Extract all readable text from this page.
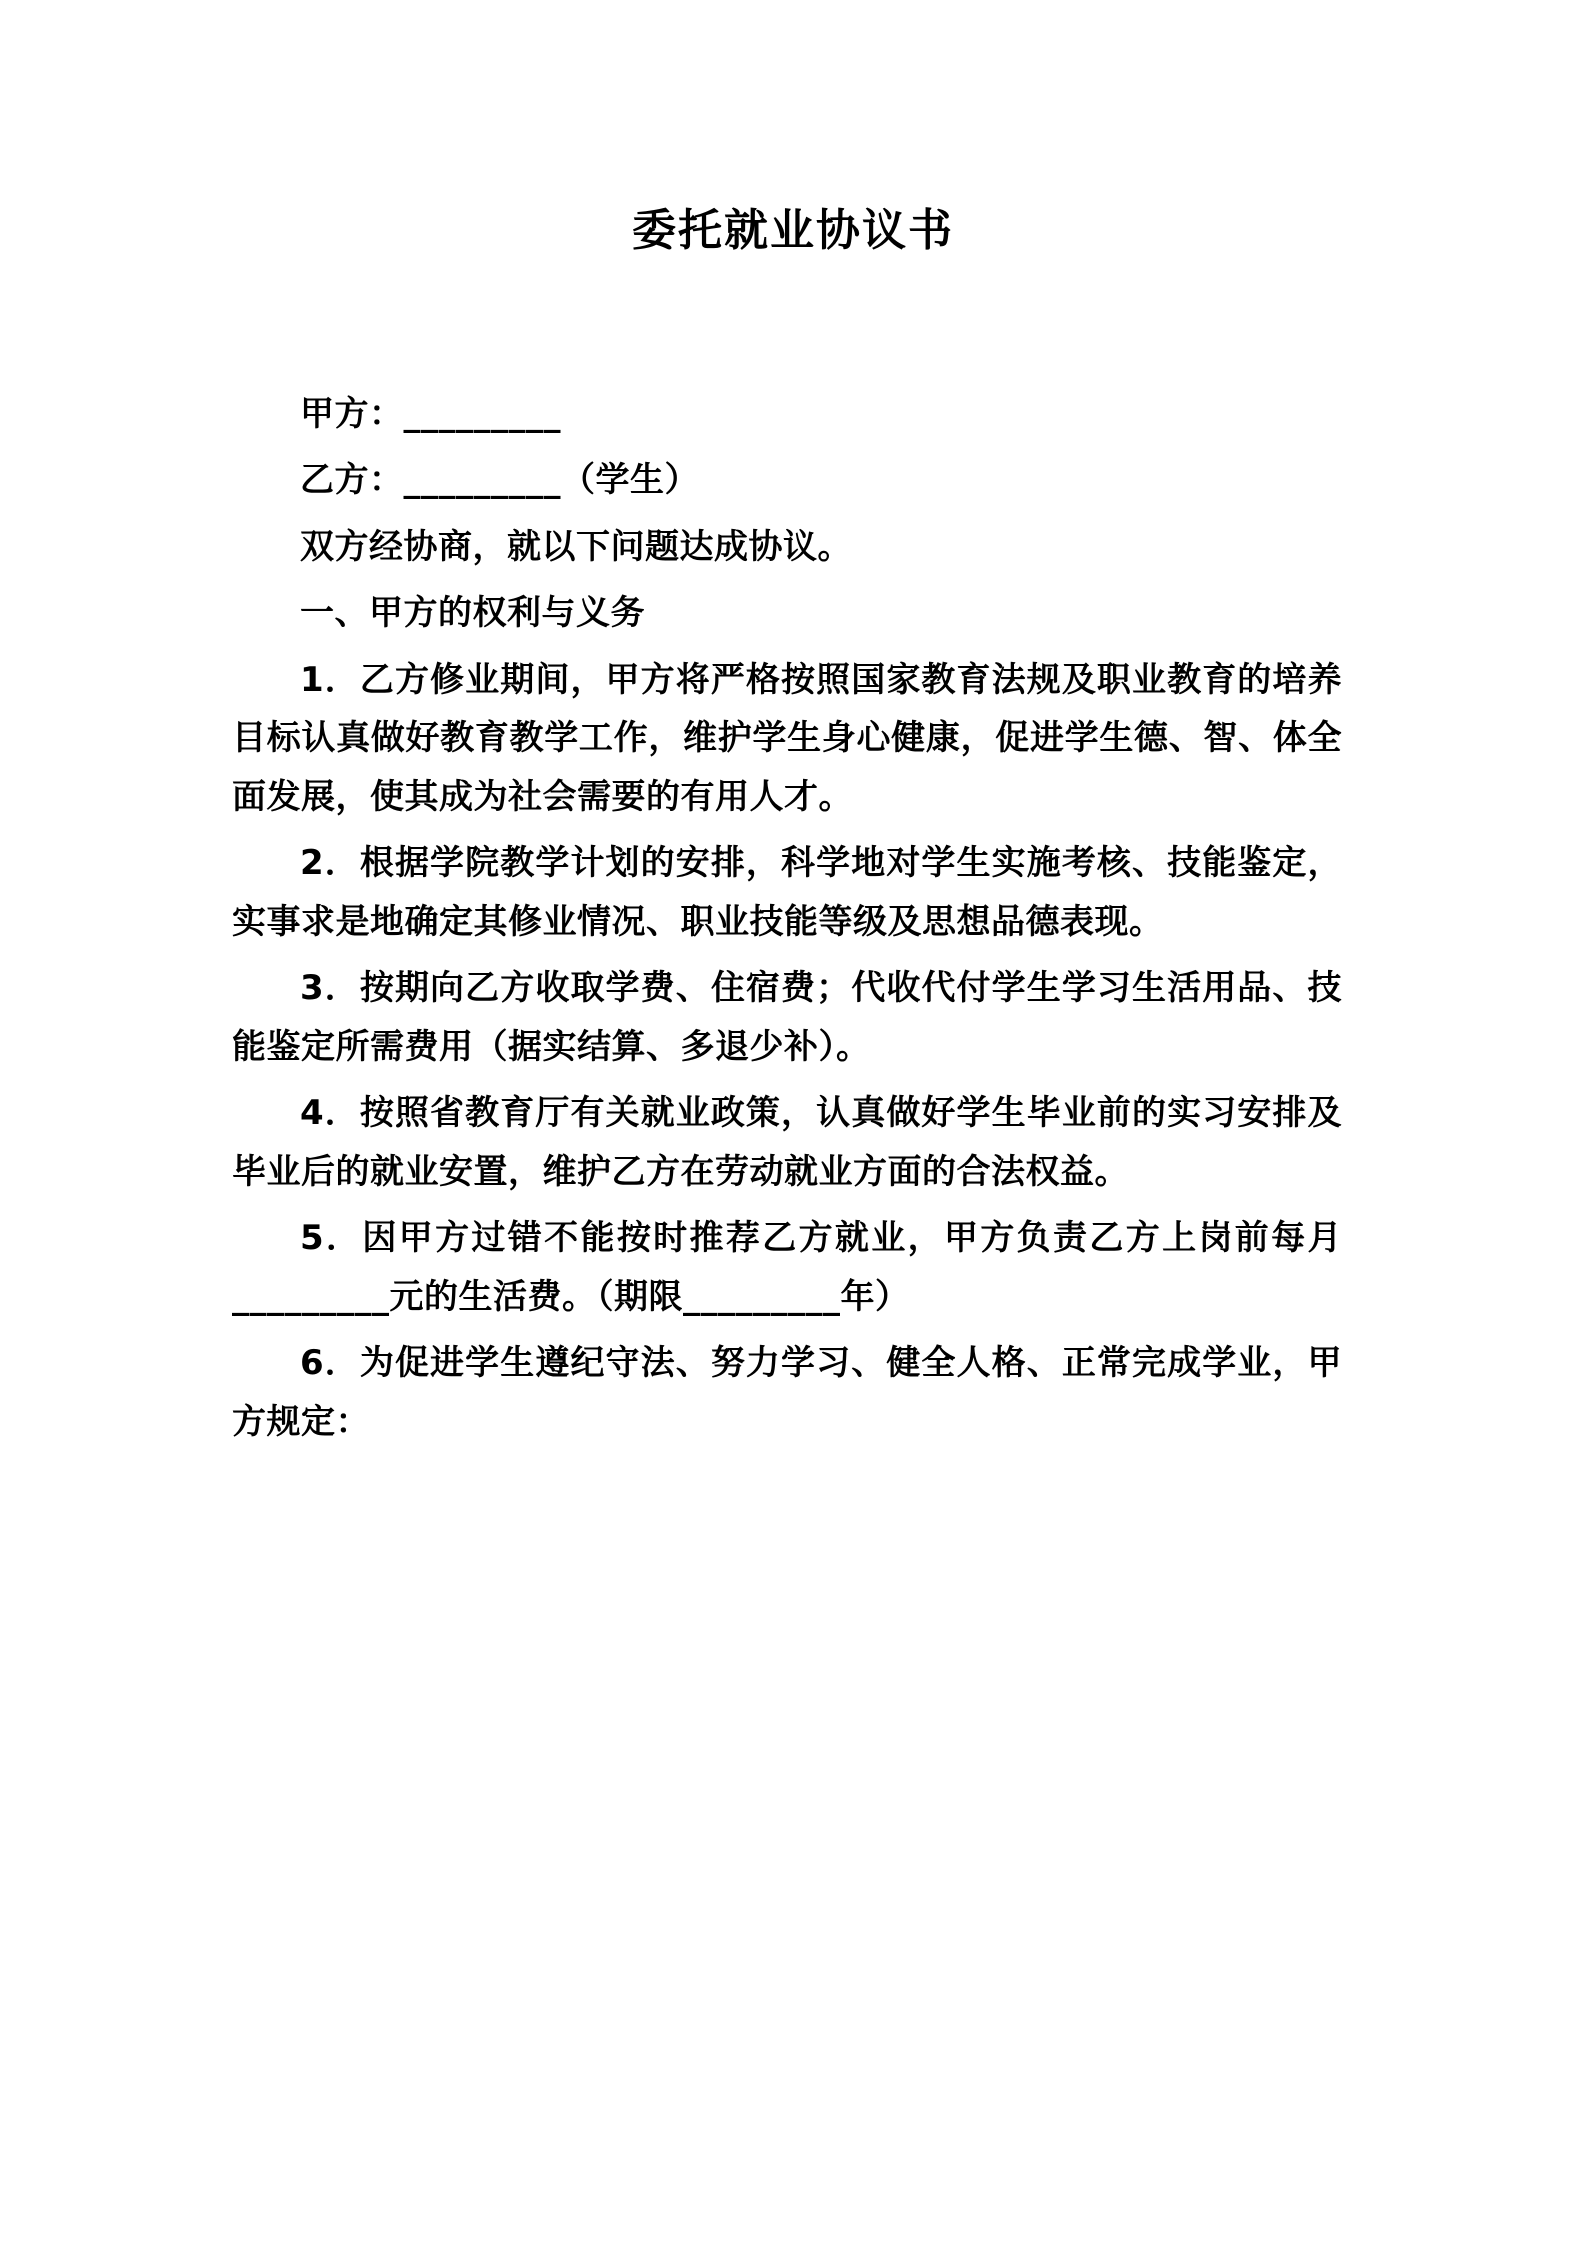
委托就业协议书

甲方：_________

乙方：_________（学生）

双方经协商，就以下问题达成协议。

一、甲方的权利与义务

1．乙方修业期间，甲方将严格按照国家教育法规及职业教育的培养目标认真做好教育教学工作，维护学生身心健康，促进学生德、智、体全面发展，使其成为社会需要的有用人才。

2．根据学院教学计划的安排，科学地对学生实施考核、技能鉴定，实事求是地确定其修业情况、职业技能等级及思想品德表现。

3．按期向乙方收取学费、住宿费；代收代付学生学习生活用品、技能鉴定所需费用（据实结算、多退少补）。

4．按照省教育厅有关就业政策，认真做好学生毕业前的实习安排及毕业后的就业安置，维护乙方在劳动就业方面的合法权益。

5．因甲方过错不能按时推荐乙方就业，甲方负责乙方上岗前每月_________元的生活费。（期限_________年）

6．为促进学生遵纪守法、努力学习、健全人格、正常完成学业，甲方规定：
